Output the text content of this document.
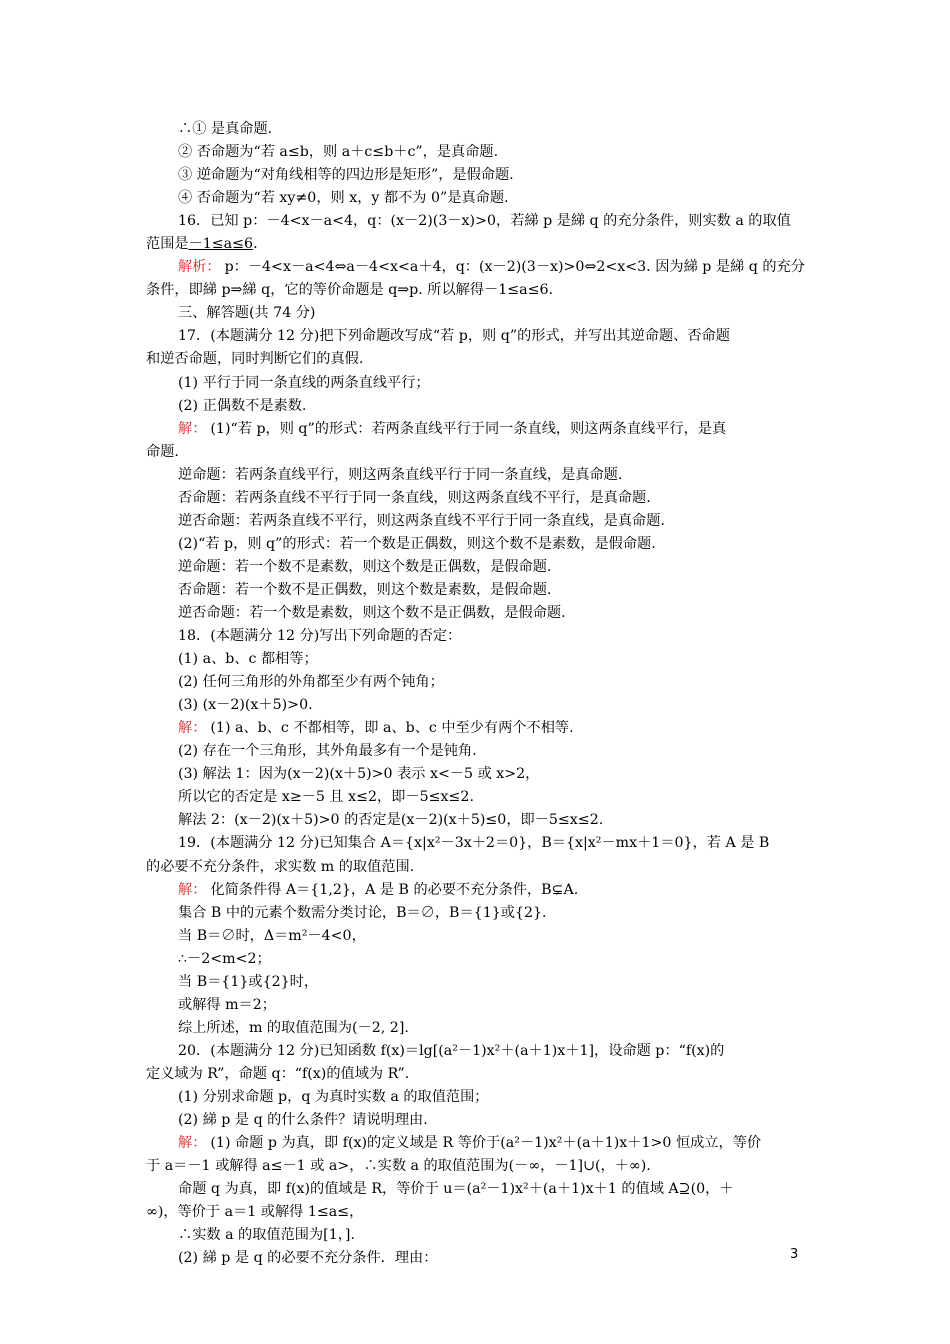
∴① 是真命题.
② 否命题为“若 a≤b，则 a＋c≤b＋c”，是真命题.
③ 逆命题为“对角线相等的四边形是矩形”，是假命题.
④ 否命题为“若 xy≠0，则 x，y 都不为 0”是真命题.
16．已知 p：－4<x－a<4，q：(x－2)(3－x)>0，若綈 p 是綈 q 的充分条件，则实数 a 的取值
范围是－1≤a≤6.
解析： p：－4<x－a<4⇔a－4<x<a＋4，q：(x－2)(3－x)>0⇔2<x<3. 因为綈 p 是綈 q 的充分
条件，即綈 p⇒綈 q，它的等价命题是 q⇒p. 所以解得－1≤a≤6.
三、解答题(共 74 分)
17．(本题满分 12 分)把下列命题改写成“若 p，则 q”的形式，并写出其逆命题、否命题
和逆否命题，同时判断它们的真假.
(1) 平行于同一条直线的两条直线平行；
(2) 正偶数不是素数.
解： (1)“若 p，则 q”的形式：若两条直线平行于同一条直线，则这两条直线平行，是真
命题.
逆命题：若两条直线平行，则这两条直线平行于同一条直线，是真命题.
否命题：若两条直线不平行于同一条直线，则这两条直线不平行，是真命题.
逆否命题：若两条直线不平行，则这两条直线不平行于同一条直线，是真命题.
(2)“若 p，则 q”的形式：若一个数是正偶数，则这个数不是素数，是假命题.
逆命题：若一个数不是素数，则这个数是正偶数，是假命题.
否命题：若一个数不是正偶数，则这个数是素数，是假命题.
逆否命题：若一个数是素数，则这个数不是正偶数，是假命题.
18．(本题满分 12 分)写出下列命题的否定：
(1) a、b、c 都相等；
(2) 任何三角形的外角都至少有两个钝角；
(3) (x－2)(x＋5)>0.
解： (1) a、b、c 不都相等，即 a、b、c 中至少有两个不相等.
(2) 存在一个三角形，其外角最多有一个是钝角.
(3) 解法 1：因为(x－2)(x＋5)>0 表示 x<－5 或 x>2，
所以它的否定是 x≥－5 且 x≤2，即－5≤x≤2.
解法 2：(x－2)(x＋5)>0 的否定是(x－2)(x＋5)≤0，即－5≤x≤2.
19．(本题满分 12 分)已知集合 A＝{x|x²－3x＋2＝0}，B＝{x|x²－mx＋1＝0}，若 A 是 B
的必要不充分条件，求实数 m 的取值范围.
解： 化简条件得 A＝{1,2}，A 是 B 的必要不充分条件，B⊊A.
集合 B 中的元素个数需分类讨论，B＝∅，B＝{1}或{2}.
当 B＝∅时，Δ＝m²－4<0，
∴－2<m<2；
当 B＝{1}或{2}时，
或解得 m＝2；
综上所述，m 的取值范围为(－2, 2].
20．(本题满分 12 分)已知函数 f(x)＝lg[(a²－1)x²＋(a＋1)x＋1]，设命题 p：“f(x)的
定义域为 R”，命题 q：“f(x)的值域为 R”.
(1) 分别求命题 p，q 为真时实数 a 的取值范围；
(2) 綈 p 是 q 的什么条件？请说明理由.
解： (1) 命题 p 为真，即 f(x)的定义域是 R 等价于(a²－1)x²＋(a＋1)x＋1>0 恒成立，等价
于 a＝－1 或解得 a≤－1 或 a>，∴实数 a 的取值范围为(－∞，－1]∪(，＋∞).
命题 q 为真，即 f(x)的值域是 R，等价于 u＝(a²－1)x²＋(a＋1)x＋1 的值域 A⊇(0，＋
∞)，等价于 a＝1 或解得 1≤a≤，
∴实数 a 的取值范围为[1，].
(2) 綈 p 是 q 的必要不充分条件．理由：	3
